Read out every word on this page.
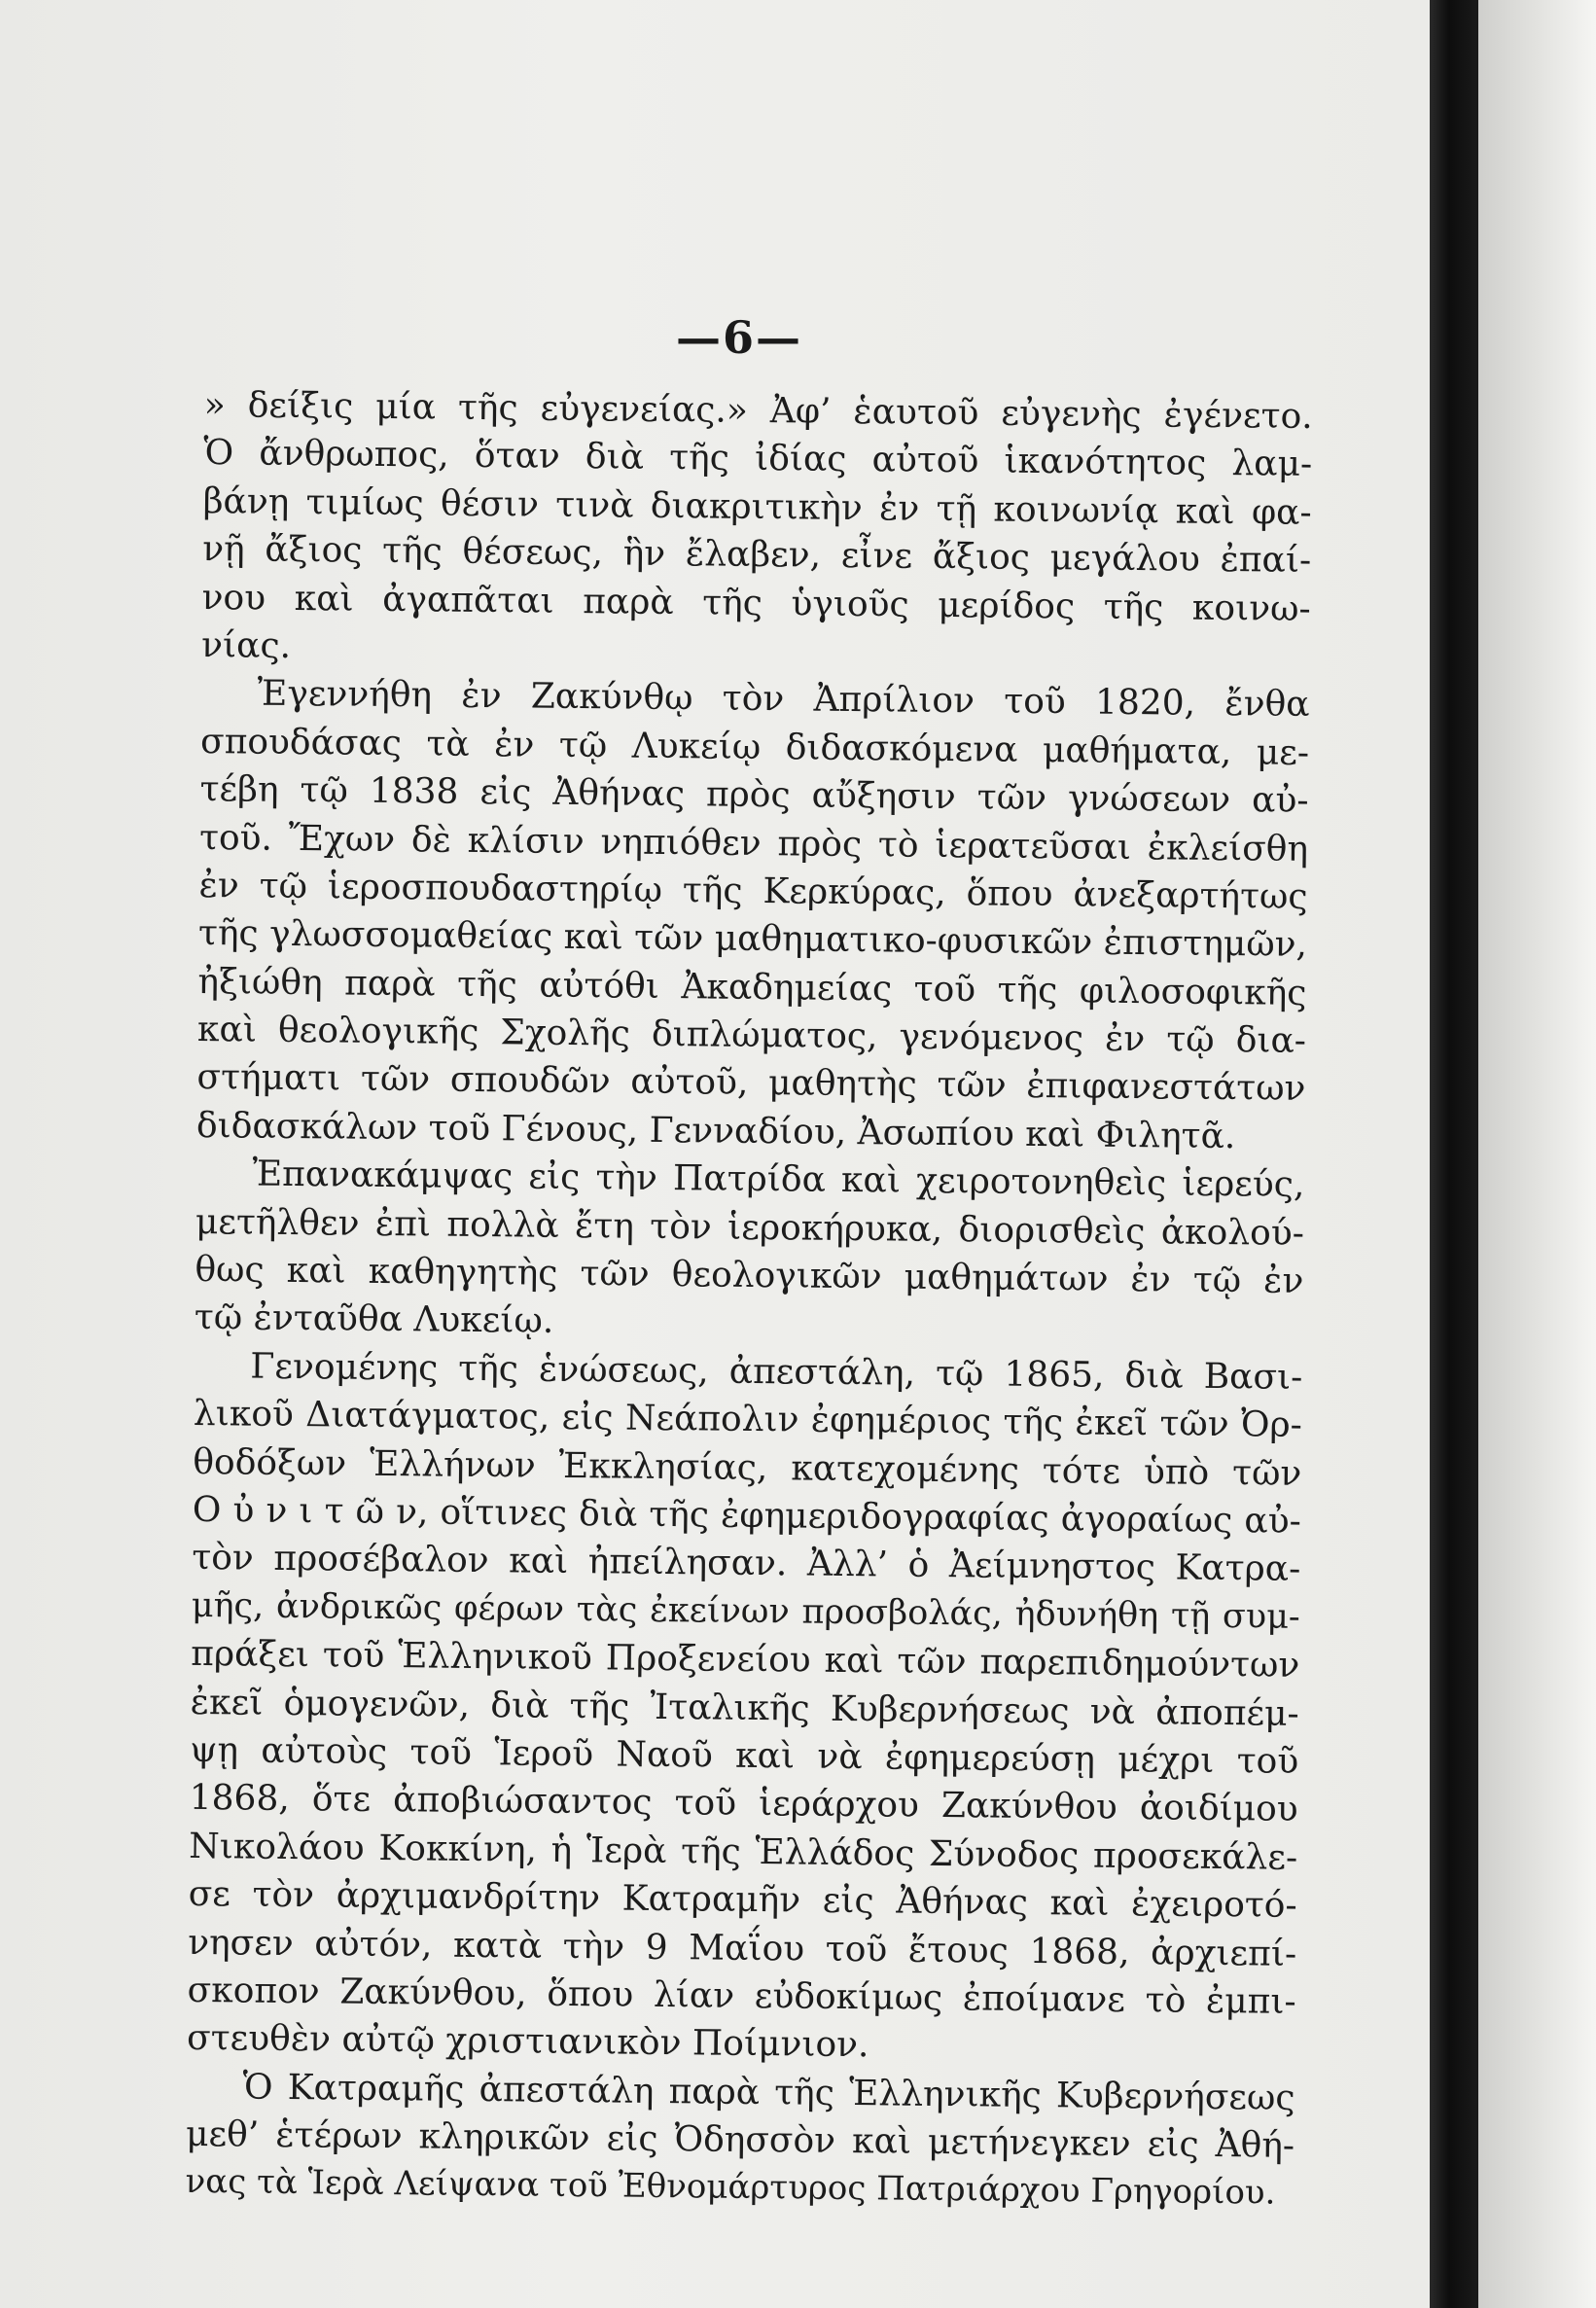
—6—
» δείξις μία τῆς εὐγενείας.» Ἀφ’ ἑαυτοῦ εὐγενὴς ἐγένετο.
Ὁ ἄνθρωπος, ὅταν διὰ τῆς ἰδίας αὐτοῦ ἱκανότητος λαμ-
βάνῃ τιμίως θέσιν τινὰ διακριτικὴν ἐν τῇ κοινωνίᾳ καὶ φα-
νῇ ἄξιος τῆς θέσεως, ἣν ἔλαβεν, εἶνε ἄξιος μεγάλου ἐπαί-
νου καὶ ἀγαπᾶται παρὰ τῆς ὑγιοῦς μερίδος τῆς κοινω-
νίας.
Ἐγεννήθη ἐν Ζακύνθῳ τὸν Ἀπρίλιον τοῦ 1820, ἔνθα
σπουδάσας τὰ ἐν τῷ Λυκείῳ διδασκόμενα μαθήματα, με-
τέβη τῷ 1838 εἰς Ἀθήνας πρὸς αὔξησιν τῶν γνώσεων αὐ-
τοῦ. Ἔχων δὲ κλίσιν νηπιόθεν πρὸς τὸ ἱερατεῦσαι ἐκλείσθη
ἐν τῷ ἱεροσπουδαστηρίῳ τῆς Κερκύρας, ὅπου ἀνεξαρτήτως
τῆς γλωσσομαθείας καὶ τῶν μαθηματικο-φυσικῶν ἐπιστημῶν,
ἠξιώθη παρὰ τῆς αὐτόθι Ἀκαδημείας τοῦ τῆς φιλοσοφικῆς
καὶ θεολογικῆς Σχολῆς διπλώματος, γενόμενος ἐν τῷ δια-
στήματι τῶν σπουδῶν αὐτοῦ, μαθητὴς τῶν ἐπιφανεστάτων
διδασκάλων τοῦ Γένους, Γενναδίου, Ἀσωπίου καὶ Φιλητᾶ.
Ἐπανακάμψας εἰς τὴν Πατρίδα καὶ χειροτονηθεὶς ἱερεύς,
μετῆλθεν ἐπὶ πολλὰ ἔτη τὸν ἱεροκήρυκα, διορισθεὶς ἀκολού-
θως καὶ καθηγητὴς τῶν θεολογικῶν μαθημάτων ἐν τῷ ἐν
τῷ ἐνταῦθα Λυκείῳ.
Γενομένης τῆς ἑνώσεως, ἀπεστάλη, τῷ 1865, διὰ Βασι-
λικοῦ Διατάγματος, εἰς Νεάπολιν ἐφημέριος τῆς ἐκεῖ τῶν Ὀρ-
θοδόξων Ἑλλήνων Ἐκκλησίας, κατεχομένης τότε ὑπὸ τῶν
Ο ὐ ν ι τ ῶ ν, οἵτινες διὰ τῆς ἐφημεριδογραφίας ἀγοραίως αὐ-
τὸν προσέβαλον καὶ ἠπείλησαν. Ἀλλ’ ὁ Ἀείμνηστος Κατρα-
μῆς, ἀνδρικῶς φέρων τὰς ἐκείνων προσβολάς, ἠδυνήθη τῇ συμ-
πράξει τοῦ Ἑλληνικοῦ Προξενείου καὶ τῶν παρεπιδημούντων
ἐκεῖ ὁμογενῶν, διὰ τῆς Ἰταλικῆς Κυβερνήσεως νὰ ἀποπέμ-
ψῃ αὐτοὺς τοῦ Ἱεροῦ Ναοῦ καὶ νὰ ἐφημερεύσῃ μέχρι τοῦ
1868, ὅτε ἀποβιώσαντος τοῦ ἱεράρχου Ζακύνθου ἀοιδίμου
Νικολάου Κοκκίνη, ἡ Ἱερὰ τῆς Ἑλλάδος Σύνοδος προσεκάλε-
σε τὸν ἀρχιμανδρίτην Κατραμῆν εἰς Ἀθήνας καὶ ἐχειροτό-
νησεν αὐτόν, κατὰ τὴν 9 Μαΐου τοῦ ἔτους 1868, ἀρχιεπί-
σκοπον Ζακύνθου, ὅπου λίαν εὐδοκίμως ἐποίμανε τὸ ἐμπι-
στευθὲν αὐτῷ χριστιανικὸν Ποίμνιον.
Ὁ Κατραμῆς ἀπεστάλη παρὰ τῆς Ἑλληνικῆς Κυβερνήσεως
μεθ’ ἑτέρων κληρικῶν εἰς Ὀδησσὸν καὶ μετήνεγκεν εἰς Ἀθή-
νας τὰ Ἱερὰ Λείψανα τοῦ Ἐθνομάρτυρος Πατριάρχου Γρηγορίου.
